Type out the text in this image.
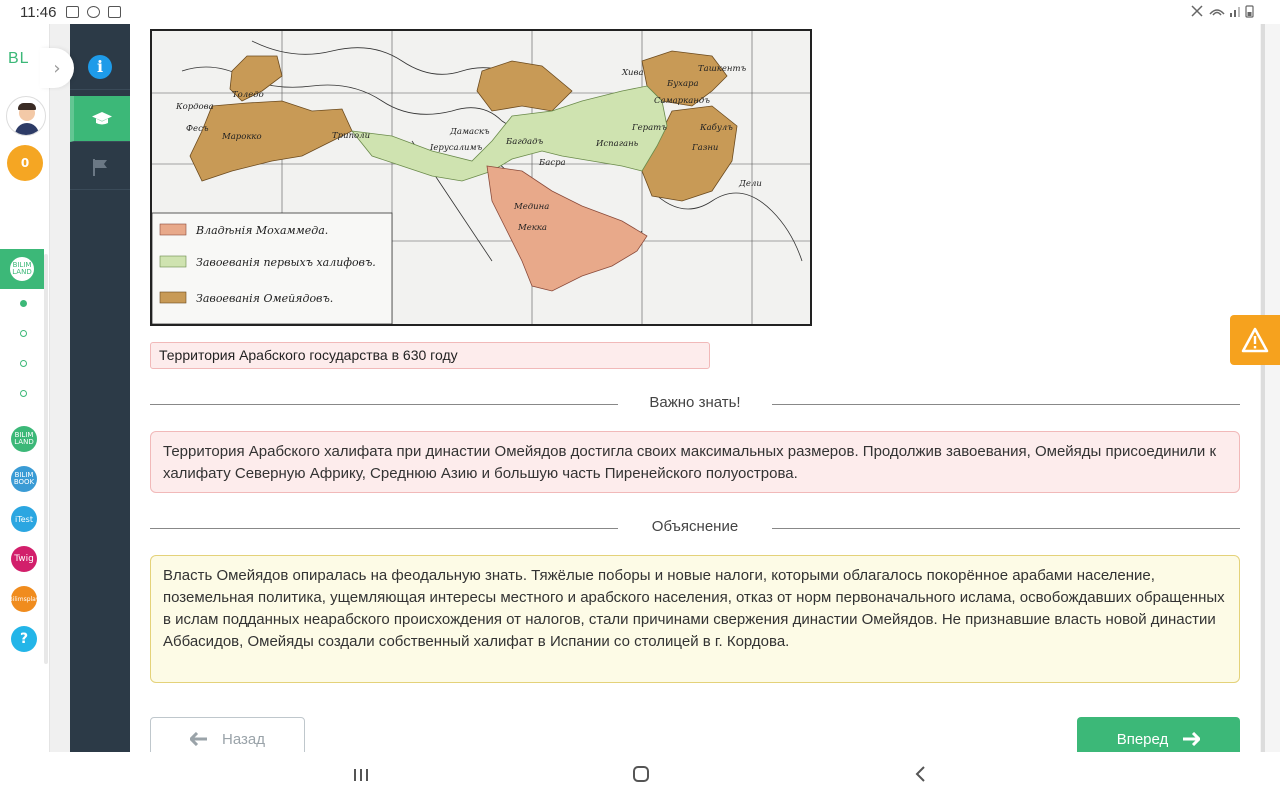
11:46
BL
0
BILIM LAND
BILIM LAND
BILIM BOOK
iTest
Twig
Bilimsplay
?
›	i
Владѣнія Мохаммеда.
Завоеванія первыхъ халифовъ.
Завоеванія Омейядовъ.
Кордова
Толедо
Фесъ
Марокко	Триполи	Дамаскъ
Іерусалимъ
Багдадъ
Басра
Испагань
Гератъ	Кабулъ
Газни
Дели
Хива
Бухара
Самаркандъ
Ташкентъ
Медина
Мекка
Территория Арабского государства в 630 году
Важно знать!
Территория Арабского халифата при династии Омейядов достигла своих максимальных размеров. Продолжив завоевания, Омейяды присоединили к халифату Северную Африку, Среднюю Азию и большую часть Пиренейского полуострова.
Объяснение
Власть Омейядов опиралась на феодальную знать. Тяжёлые поборы и новые налоги, которыми облагалось покорённое арабами население, поземельная политика, ущемляющая интересы местного и арабского населения, отказ от норм первоначального ислама, освобождавших обращенных в ислам подданных неарабского происхождения от налогов, стали причинами свержения династии Омейядов. Не признавшие власть новой династии Аббасидов, Омейяды создали собственный халифат в Испании со столицей в г. Кордова.
Назад	Вперед
